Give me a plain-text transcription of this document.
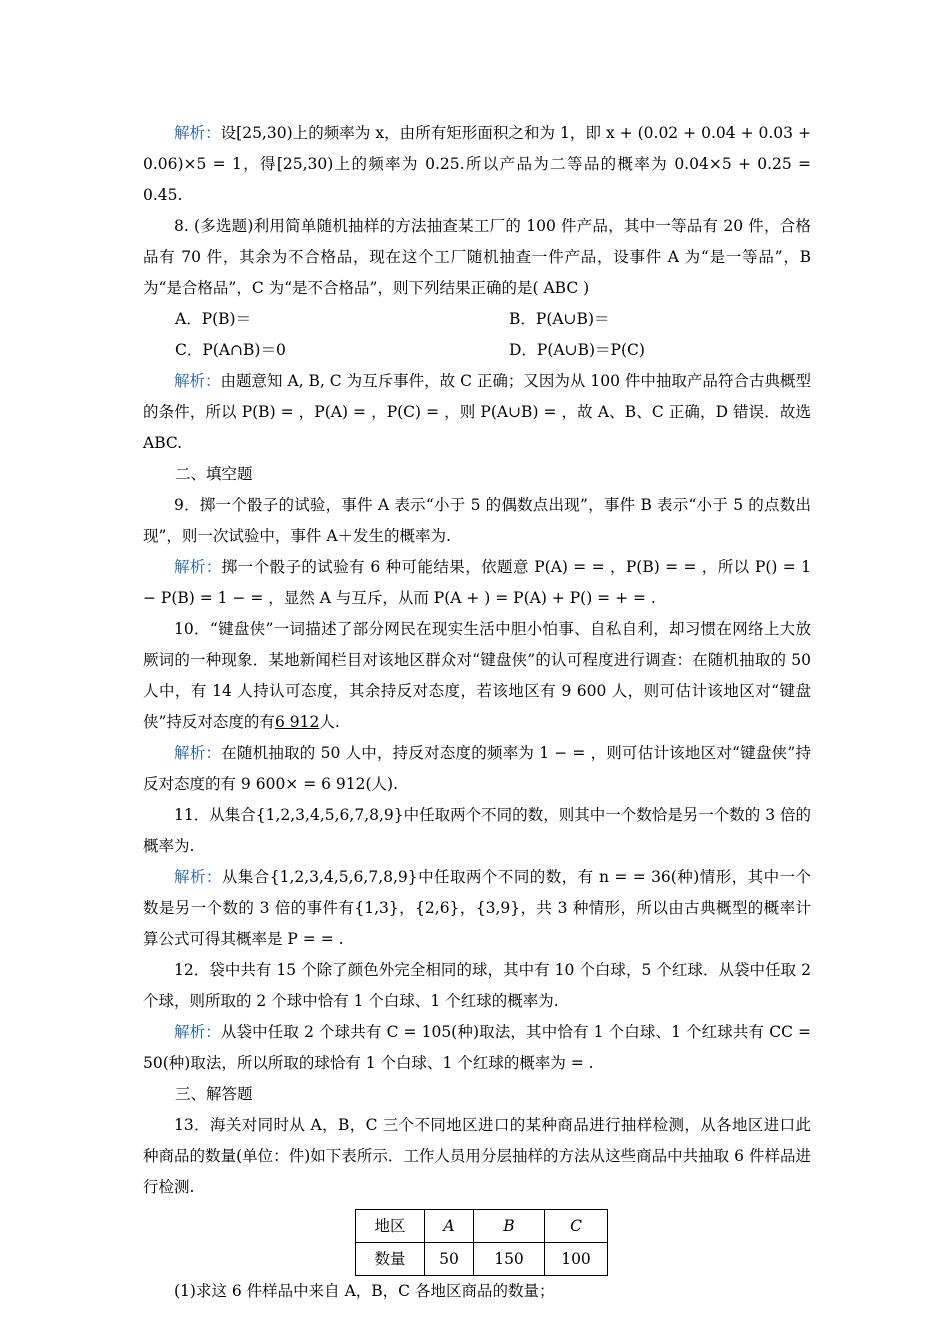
解析：设[25,30)上的频率为 x，由所有矩形面积之和为 1，即 x + (0.02 + 0.04 + 0.03 + 0.06)×5 = 1，得[25,30)上的频率为 0.25.所以产品为二等品的概率为 0.04×5 + 0.25 = 0.45.

8. (多选题)利用简单随机抽样的方法抽查某工厂的 100 件产品，其中一等品有 20 件，合格品有 70 件，其余为不合格品，现在这个工厂随机抽查一件产品，设事件 A 为“是一等品”，B 为“是合格品”，C 为“是不合格品”，则下列结果正确的是( ABC )

A．P(B)＝	B．P(A∪B)＝
C．P(A∩B)＝0	D．P(A∪B)＝P(C)

解析：由题意知 A, B, C 为互斥事件，故 C 正确；又因为从 100 件中抽取产品符合古典概型的条件，所以 P(B) = ，P(A) = ，P(C) = ，则 P(A∪B) = ，故 A、B、C 正确，D 错误．故选 ABC.

二、填空题

9．掷一个骰子的试验，事件 A 表示“小于 5 的偶数点出现”，事件 B 表示“小于 5 的点数出现”，则一次试验中，事件 A＋发生的概率为.

解析：掷一个骰子的试验有 6 种可能结果，依题意 P(A) = = ，P(B) = = ，所以 P() = 1 − P(B) = 1 − = ，显然 A 与互斥，从而 P(A + ) = P(A) + P() = + = .

10．“键盘侠”一词描述了部分网民在现实生活中胆小怕事、自私自利，却习惯在网络上大放厥词的一种现象．某地新闻栏目对该地区群众对“键盘侠”的认可程度进行调查：在随机抽取的 50 人中，有 14 人持认可态度，其余持反对态度，若该地区有 9 600 人，则可估计该地区对“键盘侠”持反对态度的有6 912人.

解析：在随机抽取的 50 人中，持反对态度的频率为 1 − = ，则可估计该地区对“键盘侠”持反对态度的有 9 600× = 6 912(人).

11．从集合{1,2,3,4,5,6,7,8,9}中任取两个不同的数，则其中一个数恰是另一个数的 3 倍的概率为.

解析：从集合{1,2,3,4,5,6,7,8,9}中任取两个不同的数，有 n = = 36(种)情形，其中一个数是另一个数的 3 倍的事件有{1,3}，{2,6}，{3,9}，共 3 种情形，所以由古典概型的概率计算公式可得其概率是 P = = .

12．袋中共有 15 个除了颜色外完全相同的球，其中有 10 个白球，5 个红球．从袋中任取 2 个球，则所取的 2 个球中恰有 1 个白球、1 个红球的概率为.

解析：从袋中任取 2 个球共有 C = 105(种)取法，其中恰有 1 个白球、1 个红球共有 CC = 50(种)取法，所以所取的球恰有 1 个白球、1 个红球的概率为 = .

三、解答题

13．海关对同时从 A，B，C 三个不同地区进口的某种商品进行抽样检测，从各地区进口此种商品的数量(单位：件)如下表所示．工作人员用分层抽样的方法从这些商品中共抽取 6 件样品进行检测.

地区	A	B	C
数量	50	150	100

(1)求这 6 件样品中来自 A，B，C 各地区商品的数量；
